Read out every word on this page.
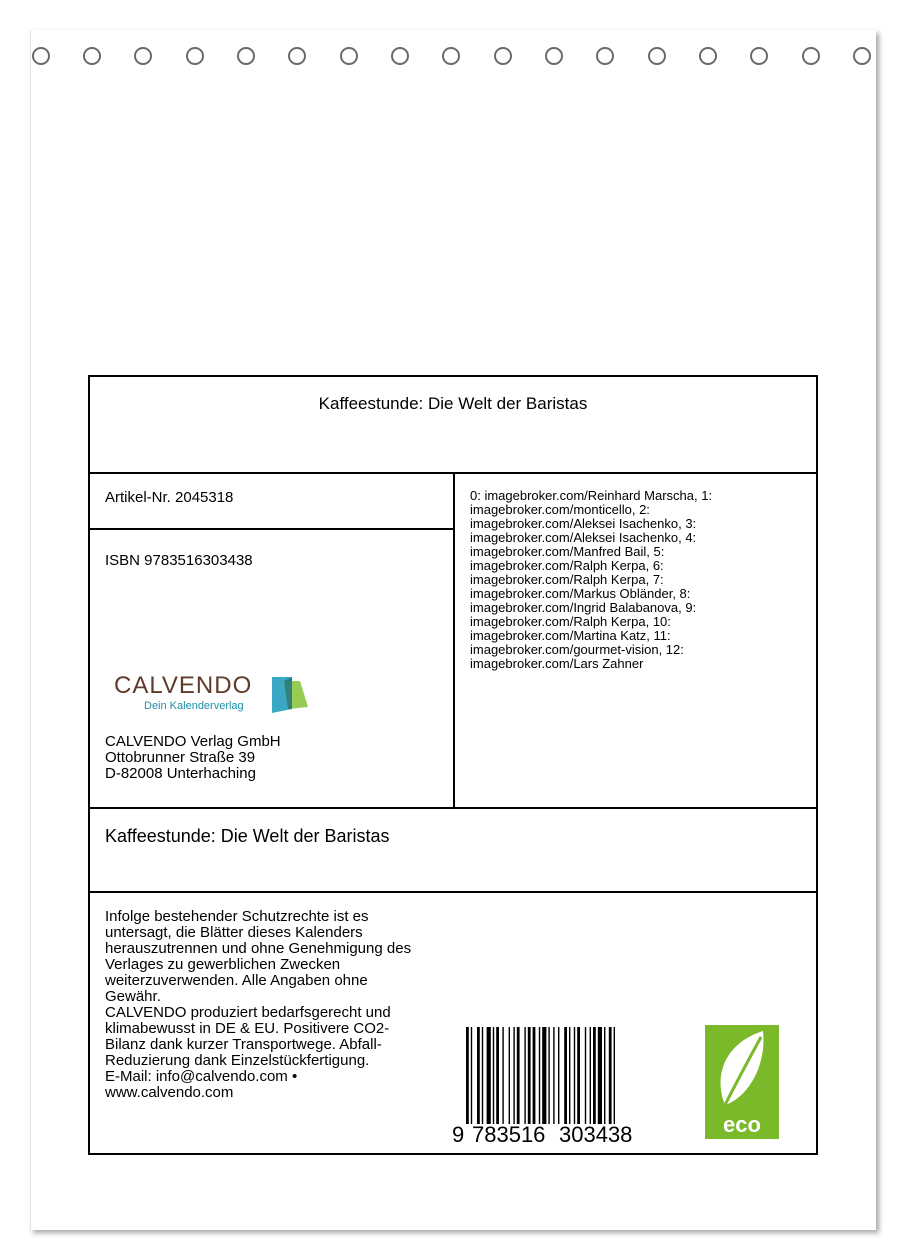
Kaffeestunde: Die Welt der Baristas
Artikel-Nr. 2045318
ISBN 9783516303438
CALVENDO
Dein Kalenderverlag
CALVENDO Verlag GmbH
Ottobrunner Straße 39
D-82008 Unterhaching
0: imagebroker.com/Reinhard Marscha, 1:
imagebroker.com/monticello, 2:
imagebroker.com/Aleksei Isachenko, 3:
imagebroker.com/Aleksei Isachenko, 4:
imagebroker.com/Manfred Bail, 5:
imagebroker.com/Ralph Kerpa, 6:
imagebroker.com/Ralph Kerpa, 7:
imagebroker.com/Markus Obländer, 8:
imagebroker.com/Ingrid Balabanova, 9:
imagebroker.com/Ralph Kerpa, 10:
imagebroker.com/Martina Katz, 11:
imagebroker.com/gourmet-vision, 12:
imagebroker.com/Lars Zahner
Kaffeestunde: Die Welt der Baristas
Infolge bestehender Schutzrechte ist es
untersagt, die Blätter dieses Kalenders
herauszutrennen und ohne Genehmigung des
Verlages zu gewerblichen Zwecken
weiterzuverwenden. Alle Angaben ohne
Gewähr.
CALVENDO produziert bedarfsgerecht und
klimabewusst in DE & EU. Positivere CO2-
Bilanz dank kurzer Transportwege. Abfall-
Reduzierung dank Einzelstückfertigung.
E-Mail: info@calvendo.com •
www.calvendo.com
9 783516 303438	eco
